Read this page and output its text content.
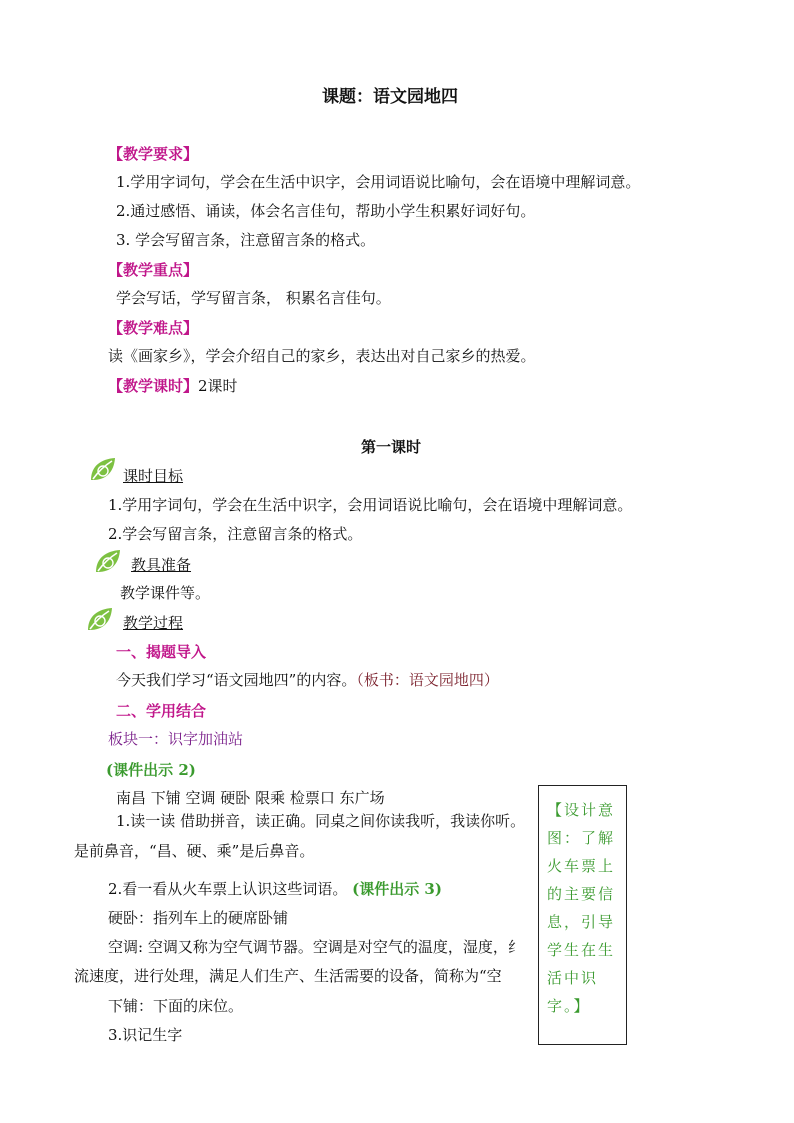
课题：语文园地四
【教学要求】
1.学用字词句，学会在生活中识字，会用词语说比喻句，会在语境中理解词意。
2.通过感悟、诵读，体会名言佳句，帮助小学生积累好词好句。
3. 学会写留言条，注意留言条的格式。
【教学重点】
学会写话，学写留言条， 积累名言佳句。
【教学难点】
读《画家乡》，学会介绍自己的家乡，表达出对自己家乡的热爱。
【教学课时】2课时
第一课时
课时目标
1.学用字词句，学会在生活中识字，会用词语说比喻句，会在语境中理解词意。
2.学会写留言条，注意留言条的格式。
教具准备
教学课件等。
教学过程
一、揭题导入
今天我们学习“语文园地四”的内容。（板书：语文园地四）
二、学用结合
板块一：识字加油站
(课件出示 2)
南昌 下铺 空调 硬卧 限乘 检票口 东广场
1.读一读 借助拼音，读正确。同桌之间你读我听，我读你听。
是前鼻音，“昌、硬、乘”是后鼻音。
2.看一看从火车票上认识这些词语。 (课件出示 3)
硬卧：指列车上的硬席卧铺
空调: 空调又称为空气调节器。空调是对空气的温度，湿度，纟
流速度，进行处理，满足人们生产、生活需要的设备，简称为“空
下铺：下面的床位。
3.识记生字
【设计意图：了解火车票上的主要信息，引导学生在生活中识字。】
